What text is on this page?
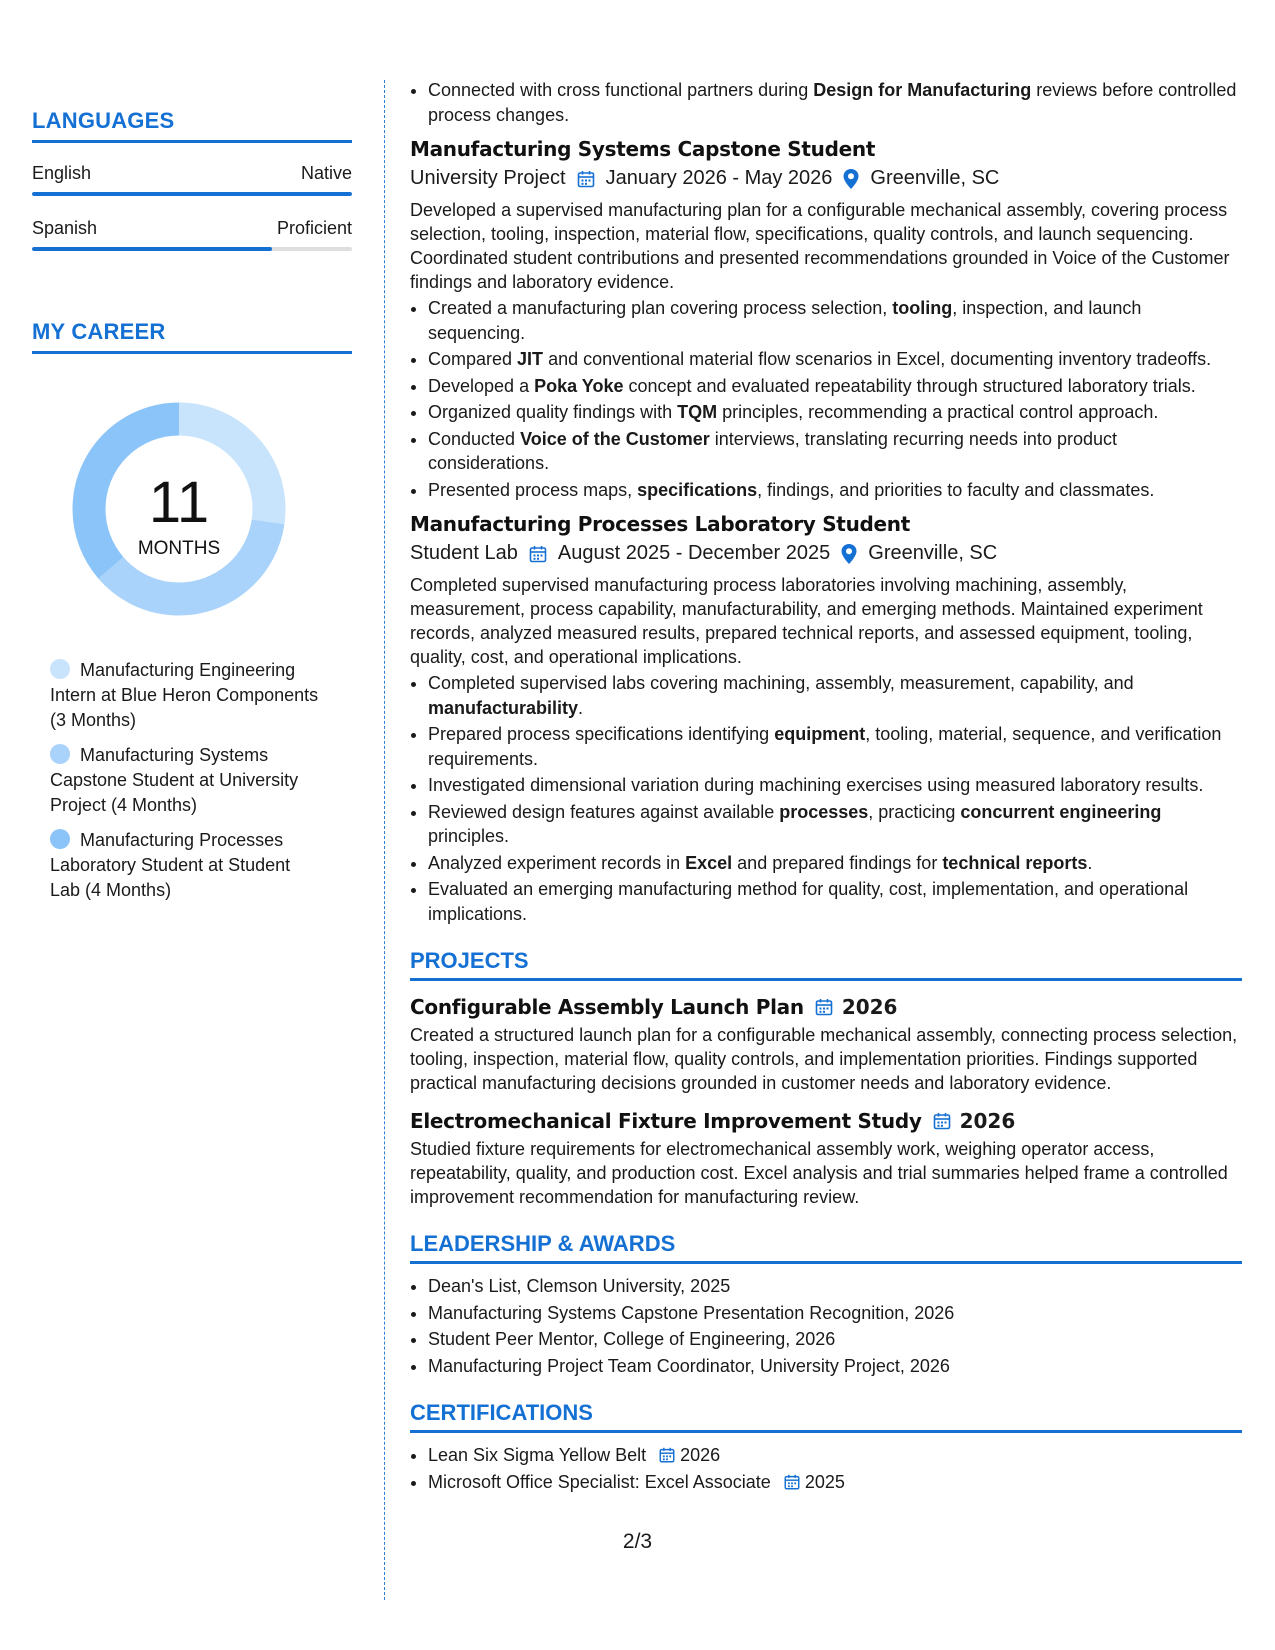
LANGUAGES
English	Native
Spanish	Proficient
MY CAREER
11
MONTHS
Manufacturing Engineering Intern at Blue Heron Components (3 Months)
Manufacturing Systems Capstone Student at University Project (4 Months)
Manufacturing Processes Laboratory Student at Student Lab (4 Months)
• Connected with cross functional partners during Design for Manufacturing reviews before controlled process changes.
Manufacturing Systems Capstone Student
University Project January 2026 - May 2026 Greenville, SC
Developed a supervised manufacturing plan for a configurable mechanical assembly, covering process selection, tooling, inspection, material flow, specifications, quality controls, and launch sequencing. Coordinated student contributions and presented recommendations grounded in Voice of the Customer findings and laboratory evidence.
• Created a manufacturing plan covering process selection, tooling, inspection, and launch sequencing.
• Compared JIT and conventional material flow scenarios in Excel, documenting inventory tradeoffs.
• Developed a Poka Yoke concept and evaluated repeatability through structured laboratory trials.
• Organized quality findings with TQM principles, recommending a practical control approach.
• Conducted Voice of the Customer interviews, translating recurring needs into product considerations.
• Presented process maps, specifications, findings, and priorities to faculty and classmates.
Manufacturing Processes Laboratory Student
Student Lab August 2025 - December 2025 Greenville, SC
Completed supervised manufacturing process laboratories involving machining, assembly, measurement, process capability, manufacturability, and emerging methods. Maintained experiment records, analyzed measured results, prepared technical reports, and assessed equipment, tooling, quality, cost, and operational implications.
• Completed supervised labs covering machining, assembly, measurement, capability, and manufacturability.
• Prepared process specifications identifying equipment, tooling, material, sequence, and verification requirements.
• Investigated dimensional variation during machining exercises using measured laboratory results.
• Reviewed design features against available processes, practicing concurrent engineering principles.
• Analyzed experiment records in Excel and prepared findings for technical reports.
• Evaluated an emerging manufacturing method for quality, cost, implementation, and operational implications.
PROJECTS
Configurable Assembly Launch Plan 2026
Created a structured launch plan for a configurable mechanical assembly, connecting process selection, tooling, inspection, material flow, quality controls, and implementation priorities. Findings supported practical manufacturing decisions grounded in customer needs and laboratory evidence.
Electromechanical Fixture Improvement Study 2026
Studied fixture requirements for electromechanical assembly work, weighing operator access, repeatability, quality, and production cost. Excel analysis and trial summaries helped frame a controlled improvement recommendation for manufacturing review.
LEADERSHIP & AWARDS
• Dean's List, Clemson University, 2025
• Manufacturing Systems Capstone Presentation Recognition, 2026
• Student Peer Mentor, College of Engineering, 2026
• Manufacturing Project Team Coordinator, University Project, 2026
CERTIFICATIONS
• Lean Six Sigma Yellow Belt 2026
• Microsoft Office Specialist: Excel Associate 2025
2/3
